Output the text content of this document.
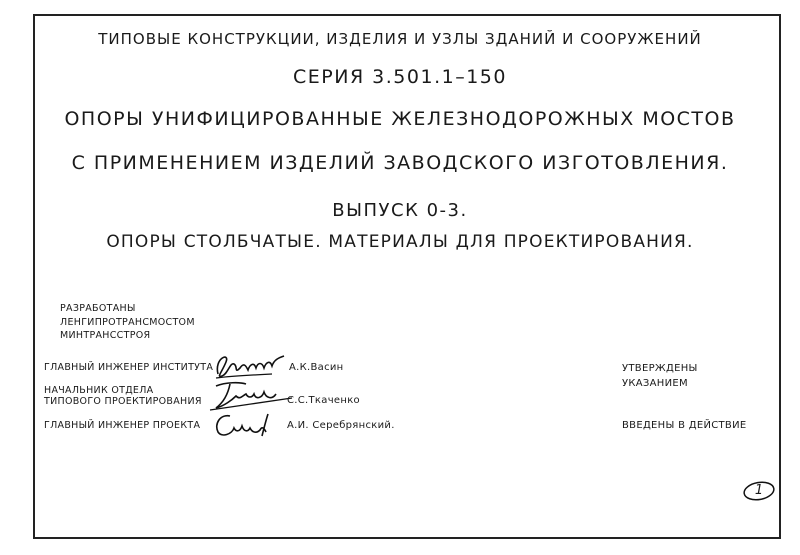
ТИПОВЫЕ КОНСТРУКЦИИ, ИЗДЕЛИЯ И УЗЛЫ ЗДАНИЙ И СООРУЖЕНИЙ
СЕРИЯ 3.501.1–150
ОПОРЫ УНИФИЦИРОВАННЫЕ ЖЕЛЕЗНОДОРОЖНЫХ МОСТОВ
С ПРИМЕНЕНИЕМ ИЗДЕЛИЙ ЗАВОДСКОГО ИЗГОТОВЛЕНИЯ.
ВЫПУСК 0-3.
ОПОРЫ СТОЛБЧАТЫЕ. МАТЕРИАЛЫ ДЛЯ ПРОЕКТИРОВАНИЯ.
РАЗРАБОТАНЫ
ЛЕНГИПРОТРАНСМОСТОМ
МИНТРАНССТРОЯ
ГЛАВНЫЙ ИНЖЕНЕР ИНСТИТУТА
НАЧАЛЬНИК ОТДЕЛА
ТИПОВОГО ПРОЕКТИРОВАНИЯ
ГЛАВНЫЙ ИНЖЕНЕР ПРОЕКТА
А.К.Васин
С.С.Ткаченко
А.И. Серебрянский.
УТВЕРЖДЕНЫ
УКАЗАНИЕМ
ВВЕДЕНЫ В ДЕЙСТВИЕ
1
